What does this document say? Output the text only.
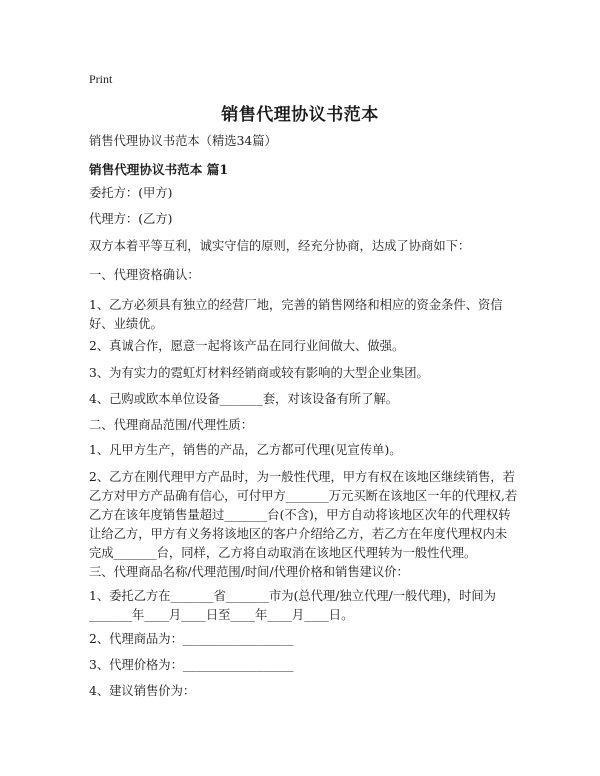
Print
销售代理协议书范本
销售代理协议书范本（精选34篇）
销售代理协议书范本 篇1
委托方：(甲方)
代理方：(乙方)
双方本着平等互利，诚实守信的原则，经充分协商，达成了协商如下：
一、代理资格确认：
1、乙方必须具有独立的经营厂地，完善的销售网络和相应的资金条件、资信好、业绩优。
2、真诚合作，愿意一起将该产品在同行业间做大、做强。
3、为有实力的霓虹灯材料经销商或较有影响的大型企业集团。
4、己购或欧本单位设备_______套，对该设备有所了解。
二、代理商品范围/代理性质：
1、凡甲方生产，销售的产品，乙方都可代理(见宣传单)。
2、乙方在刚代理甲方产品时，为一般性代理，甲方有权在该地区继续销售，若乙方对甲方产品确有信心，可付甲方_______万元买断在该地区一年的代理权,若乙方在该年度销售量超过_______台(不含)，甲方自动将该地区次年的代理权转让给乙方，甲方有义务将该地区的客户介绍给乙方，若乙方在年度代理权内未完成_______台，同样，乙方将自动取消在该地区代理转为一般性代理。
三、代理商品名称/代理范围/时间/代理价格和销售建议价：
1、委托乙方在_______省_______市为(总代理/独立代理/一般代理)，时间为_______年____月____日至____年____月____日。
2、代理商品为：__________________
3、代理价格为：__________________
4、建议销售价为：
